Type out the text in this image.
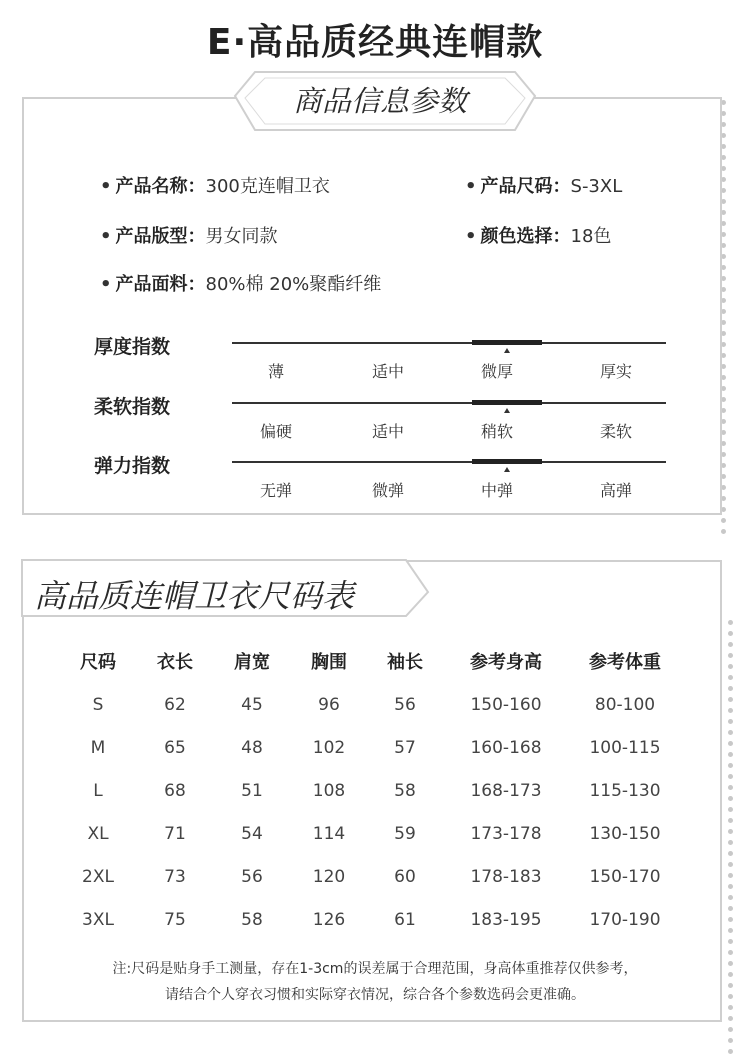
E·高品质经典连帽款
商品信息参数
• 产品名称：300克连帽卫衣	• 产品尺码：S-3XL
• 产品版型：男女同款	• 颜色选择：18色
• 产品面料：80%棉 20%聚酯纤维
厚度指数
薄	适中	微厚	厚实
柔软指数
偏硬	适中	稍软	柔软
弹力指数
无弹	微弹	中弹	高弹
高品质连帽卫衣尺码表
尺码	衣长	肩宽	胸围	袖长	参考身高	参考体重
S	62	45	96	56	150-160	80-100
M	65	48	102	57	160-168	100-115
L	68	51	108	58	168-173	115-130
XL	71	54	114	59	173-178	130-150
2XL	73	56	120	60	178-183	150-170
3XL	75	58	126	61	183-195	170-190
注:尺码是贴身手工测量，存在1-3cm的误差属于合理范围，身高体重推荐仅供参考，
请结合个人穿衣习惯和实际穿衣情况，综合各个参数选码会更准确。
